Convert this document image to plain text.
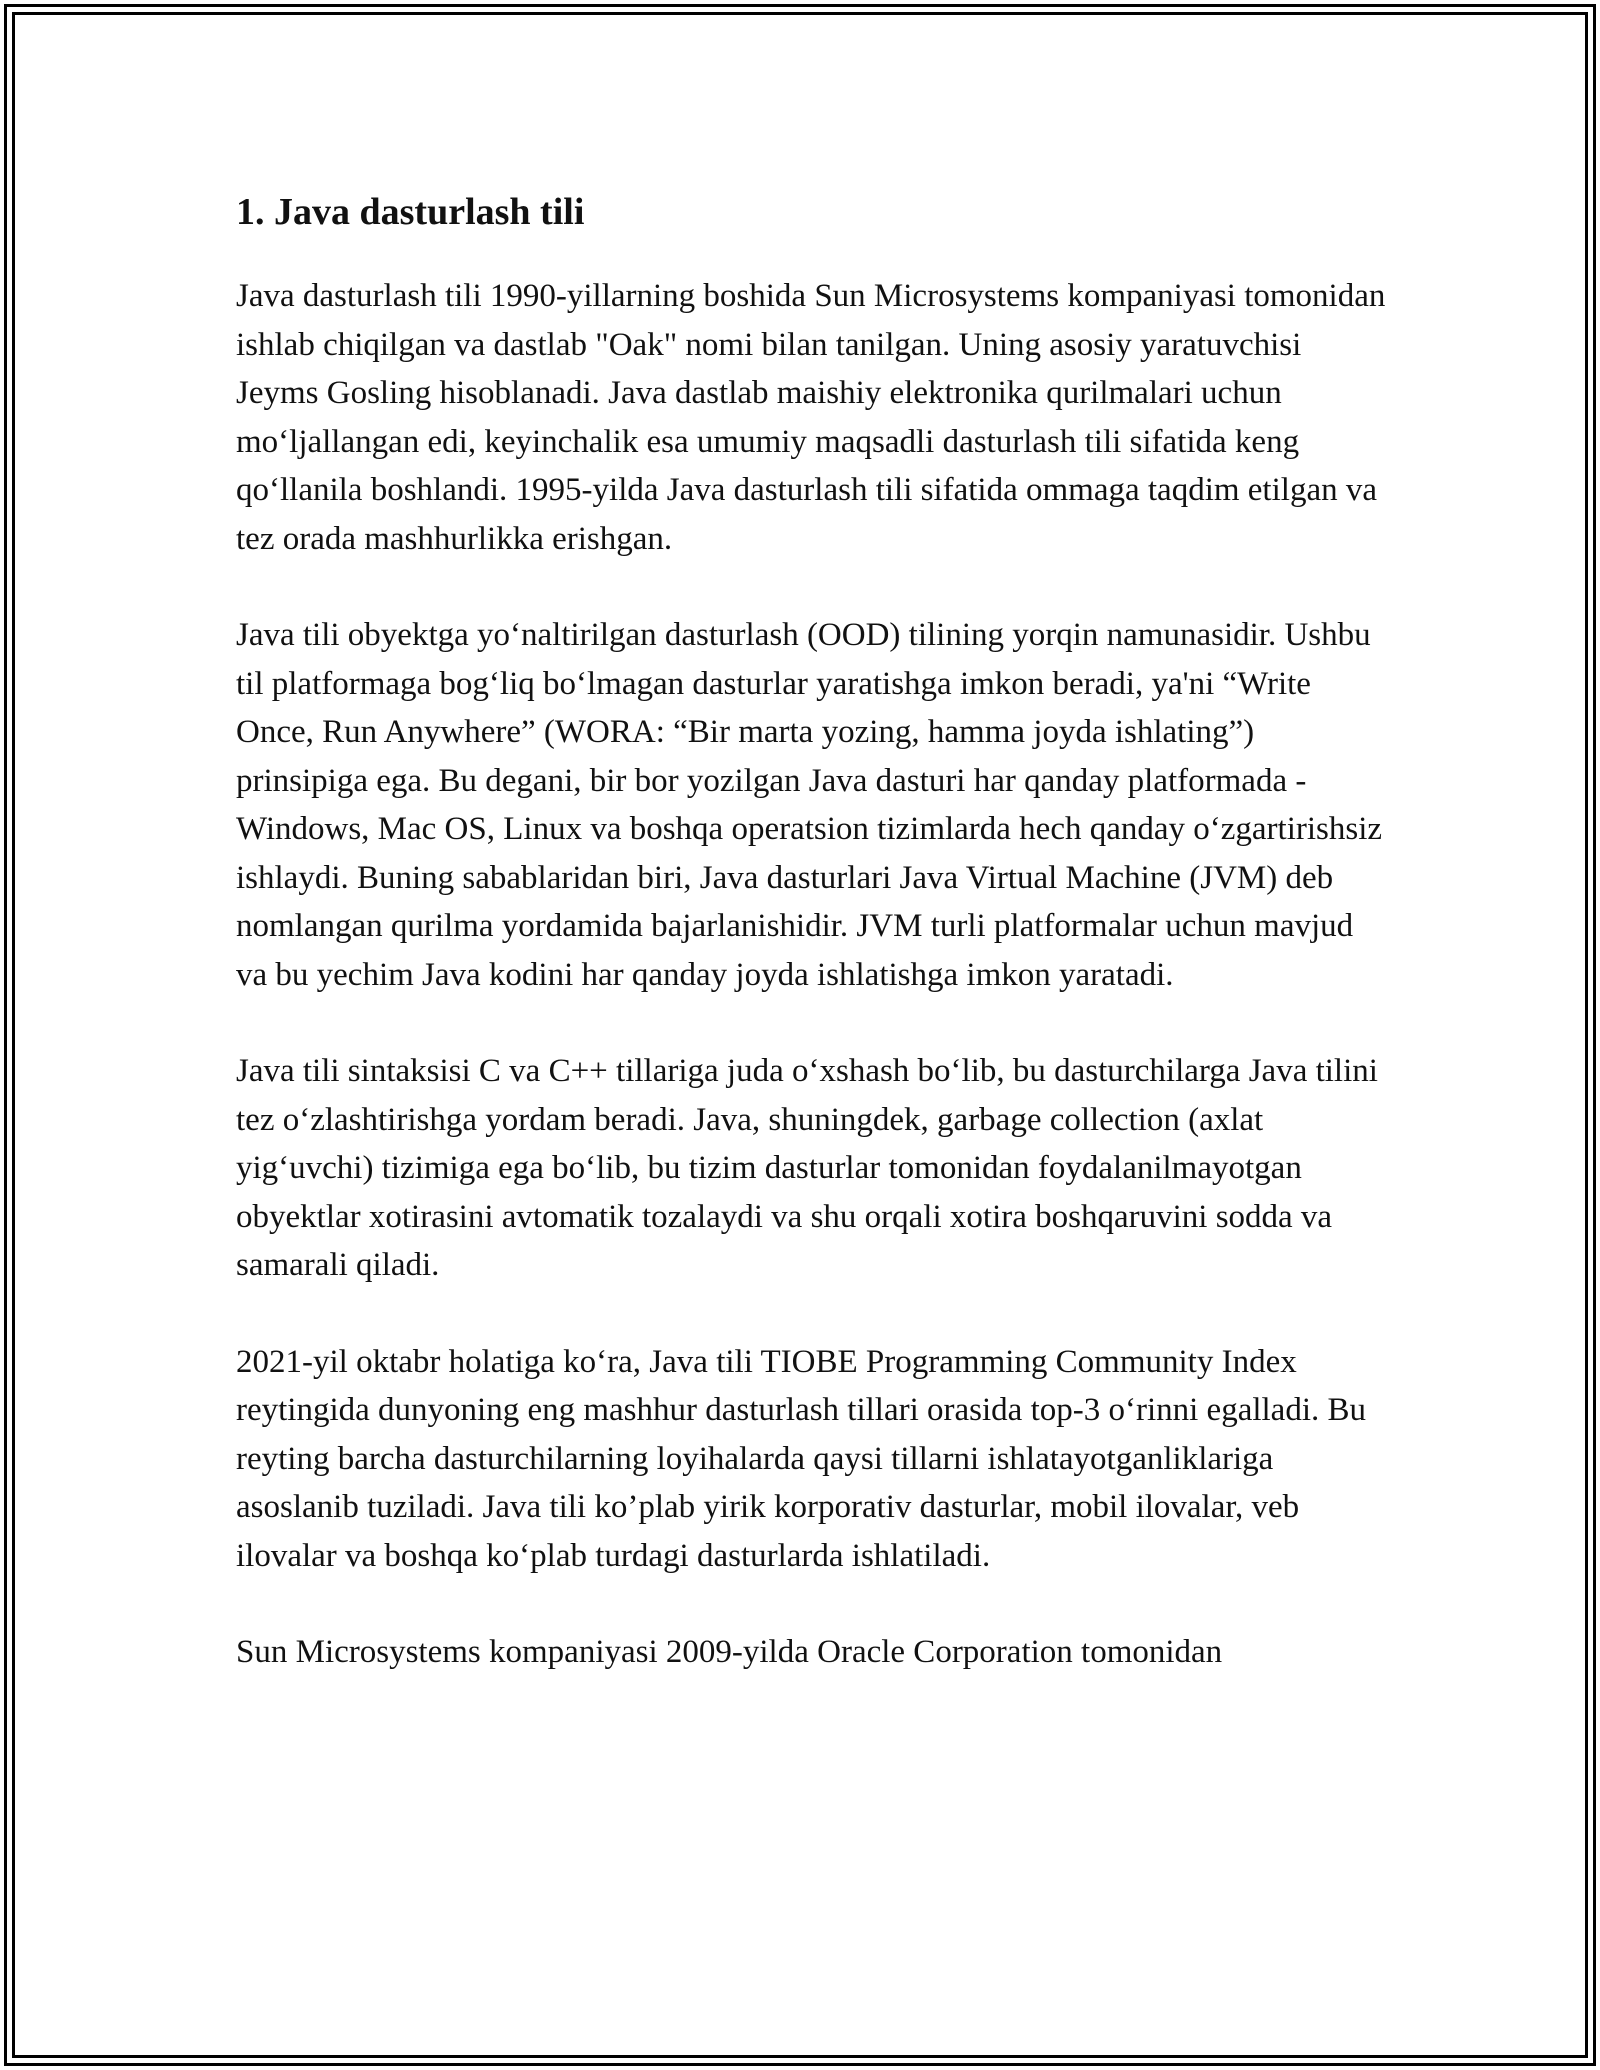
1. Java dasturlash tili

Java dasturlash tili 1990-yillarning boshida Sun Microsystems kompaniyasi tomonidan ishlab chiqilgan va dastlab "Oak" nomi bilan tanilgan. Uning asosiy yaratuvchisi Jeyms Gosling hisoblanadi. Java dastlab maishiy elektronika qurilmalari uchun mo‘ljallangan edi, keyinchalik esa umumiy maqsadli dasturlash tili sifatida keng qo‘llanila boshlandi. 1995-yilda Java dasturlash tili sifatida ommaga taqdim etilgan va tez orada mashhurlikka erishgan.

Java tili obyektga yo‘naltirilgan dasturlash (OOD) tilining yorqin namunasidir. Ushbu til platformaga bog‘liq bo‘lmagan dasturlar yaratishga imkon beradi, ya'ni “Write Once, Run Anywhere” (WORA: “Bir marta yozing, hamma joyda ishlating”) prinsipiga ega. Bu degani, bir bor yozilgan Java dasturi har qanday platformada - Windows, Mac OS, Linux va boshqa operatsion tizimlarda hech qanday o‘zgartirishsiz ishlaydi. Buning sabablaridan biri, Java dasturlari Java Virtual Machine (JVM) deb nomlangan qurilma yordamida bajarlanishidir. JVM turli platformalar uchun mavjud va bu yechim Java kodini har qanday joyda ishlatishga imkon yaratadi.

Java tili sintaksisi C va C++ tillariga juda o‘xshash bo‘lib, bu dasturchilarga Java tilini tez o‘zlashtirishga yordam beradi. Java, shuningdek, garbage collection (axlat yig‘uvchi) tizimiga ega bo‘lib, bu tizim dasturlar tomonidan foydalanilmayotgan obyektlar xotirasini avtomatik tozalaydi va shu orqali xotira boshqaruvini sodda va samarali qiladi.

2021-yil oktabr holatiga ko‘ra, Java tili TIOBE Programming Community Index reytingida dunyoning eng mashhur dasturlash tillari orasida top-3 o‘rinni egalladi. Bu reyting barcha dasturchilarning loyihalarda qaysi tillarni ishlatayotganliklariga asoslanib tuziladi. Java tili ko’plab yirik korporativ dasturlar, mobil ilovalar, veb ilovalar va boshqa ko‘plab turdagi dasturlarda ishlatiladi.

Sun Microsystems kompaniyasi 2009-yilda Oracle Corporation tomonidan
